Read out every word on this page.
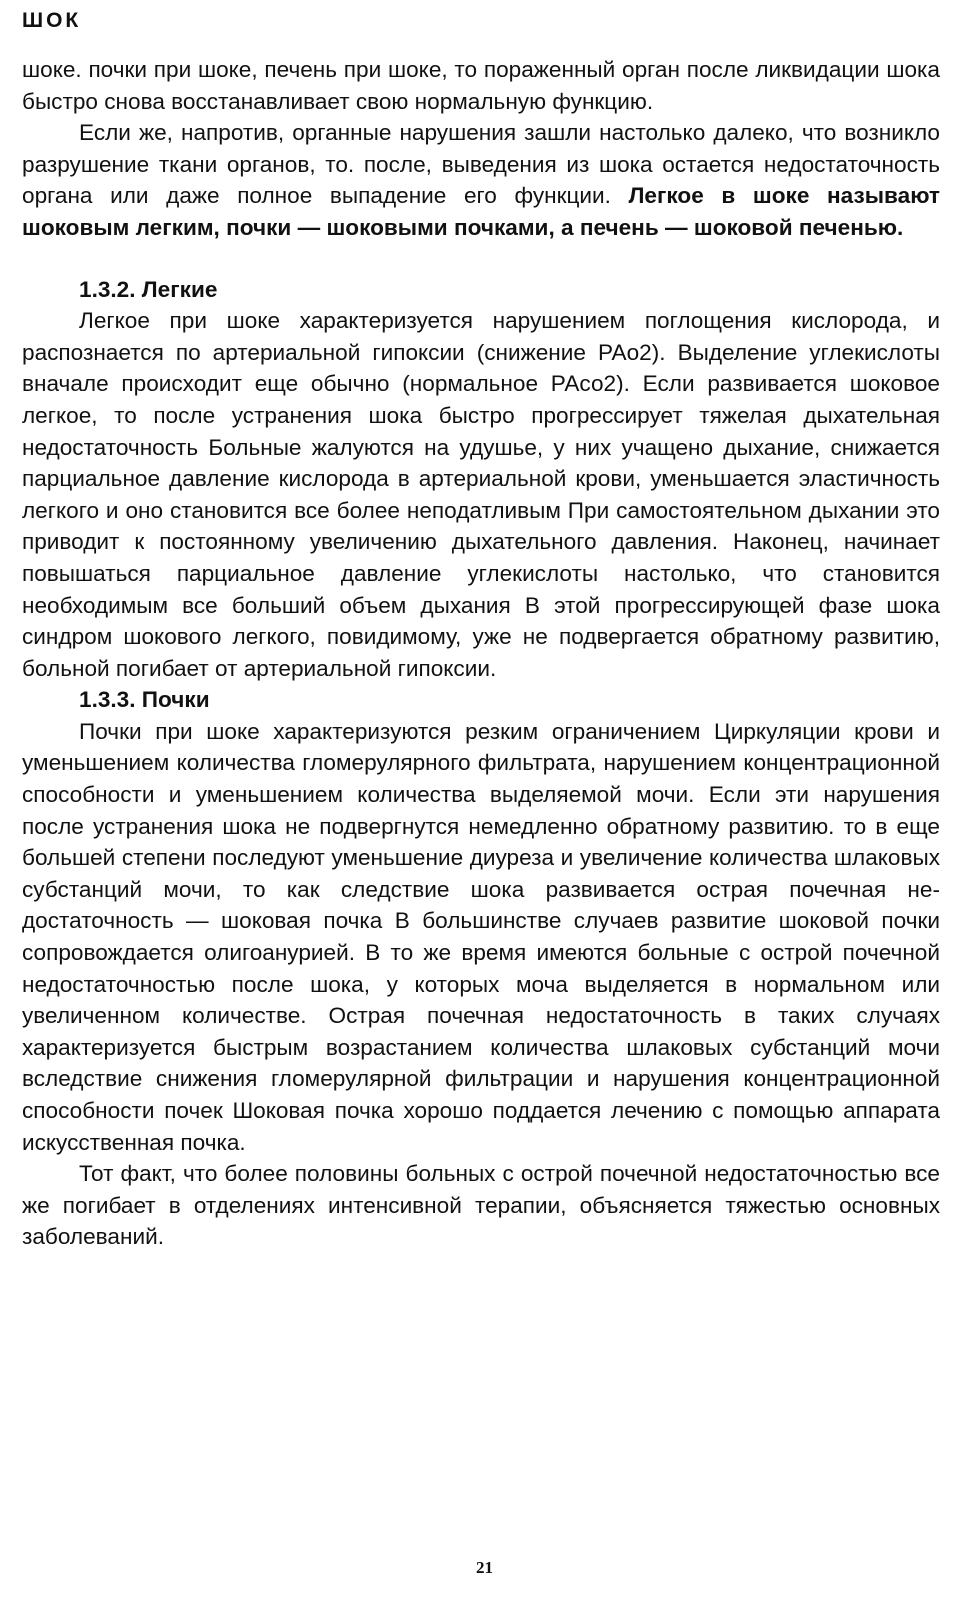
ШОК

шоке. почки при шоке, печень при шоке, то пораженный орган после ликвидации шока быстро снова восстанавливает свою нормальную функцию.

Если же, напротив, органные нарушения зашли настолько далеко, что возникло разрушение ткани органов, то. после, выведения из шока остается недостаточность органа или даже полное выпадение его функции. Легкое в шоке называют шоковым легким, почки — шоковыми почками, а печень — шоковой печенью.

1.3.2. Легкие

Легкое при шоке характеризуется нарушением поглощения кислорода, и распознается по артериальной гипоксии (снижение РАо2). Выделение углекислоты вначале происходит еще обычно (нормальное РАсо2). Если развивается шоковое легкое, то после устранения шока быстро прогрессирует тяжелая дыхательная недостаточность Больные жалуются на удушье, у них учащено дыхание, снижается парциальное давление кислорода в артериальной крови, уменьшается эластичность легкого и оно становится все более неподатливым При самостоятельном дыхании это приводит к постоянному увеличению дыхательного давления. Наконец, начинает повышаться парциальное давление углекислоты настолько, что становится необходимым все больший объем дыхания В этой прогрессирующей фазе шока синдром шокового легкого, повидимому, уже не подвергается обратному развитию, больной погибает от артериальной гипоксии.

1.3.3. Почки

Почки при шоке характеризуются резким ограничением Циркуляции крови и уменьшением количества гломерулярного фильтрата, нарушением концентрационной способности и уменьшением количества выделяемой мочи. Если эти нарушения после устранения шока не подвергнутся немедленно обратному развитию. то в еще большей степени последуют уменьшение диуреза и увеличение количества шлаковых субстанций мочи, то как следствие шока развивается острая почечная недостаточность — шоковая почка В большинстве случаев развитие шоковой почки сопровождается олигоанурией. В то же время имеются больные с острой почечной недостаточностью после шока, у которых моча выделяется в нормальном или увеличенном количестве. Острая почечная недостаточность в таких случаях характеризуется быстрым возрастанием количества шлаковых субстанций мочи вследствие снижения гломерулярной фильтрации и нарушения концентрационной способности почек Шоковая почка хорошо поддается лечению с помощью аппарата искусственная почка.

Тот факт, что более половины больных с острой почечной недостаточностью все же погибает в отделениях интенсивной терапии, объясняется тяжестью основных заболеваний.

21
